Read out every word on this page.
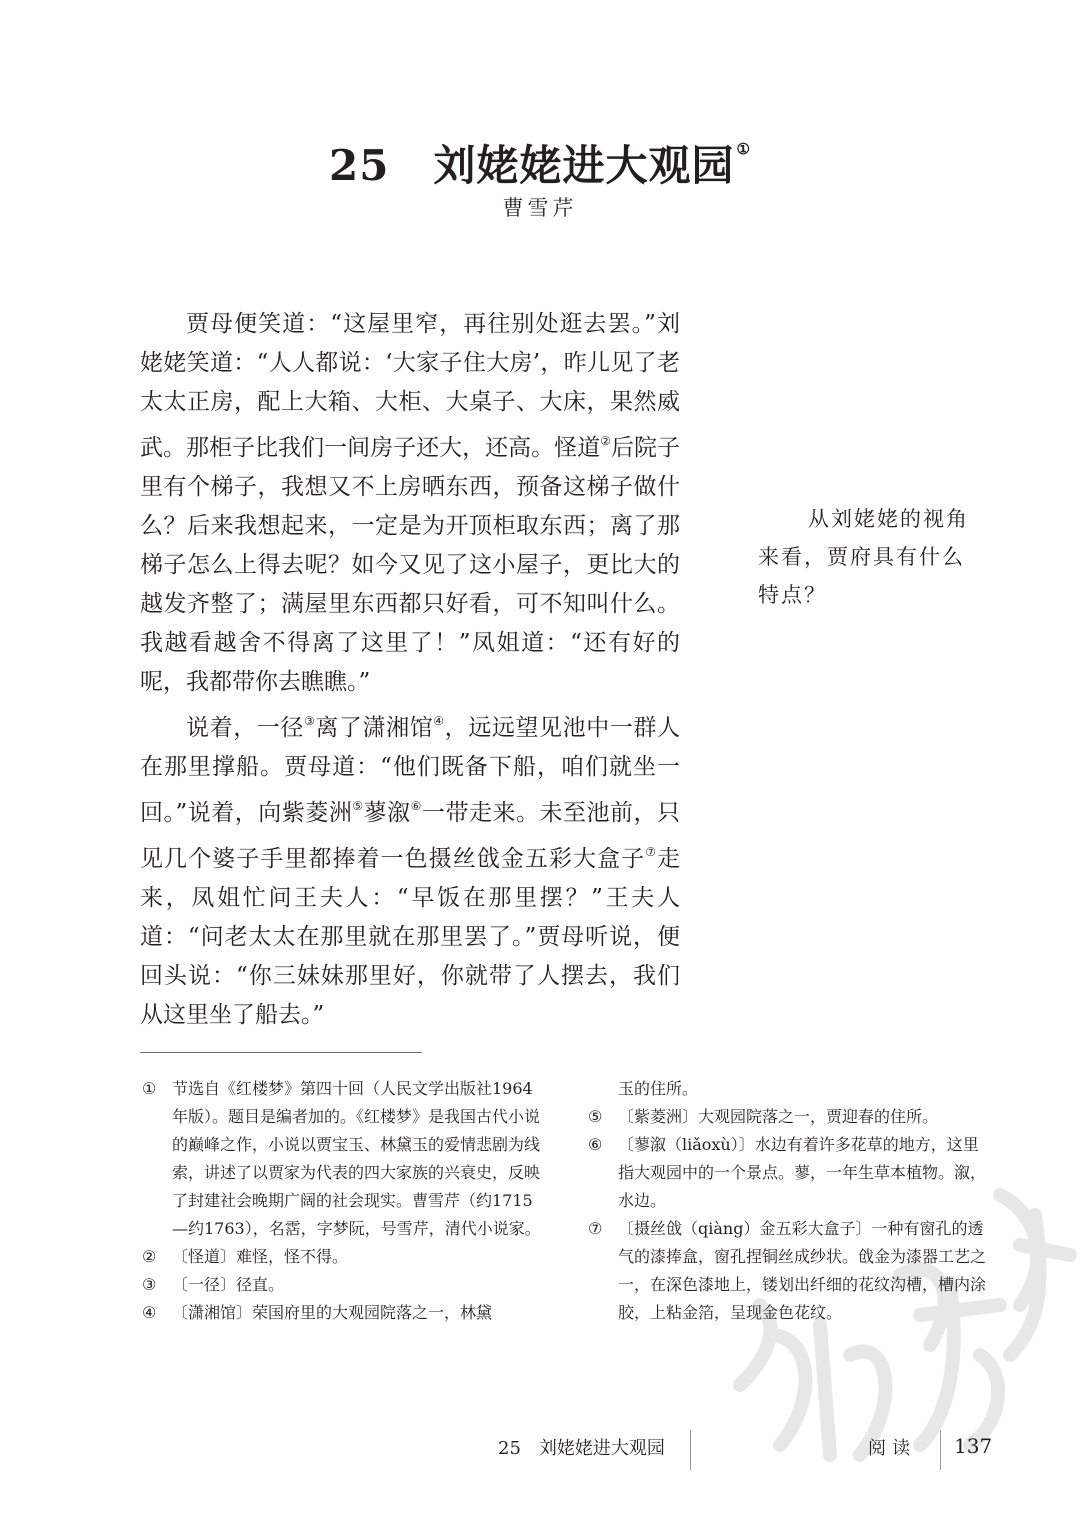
25 刘姥姥进大观园 ①
曹雪芹

贾母便笑道：“这屋里窄，再往别处逛去罢。”刘姥姥笑道：“人人都说：‘大家子住大房’，昨儿见了老太太正房，配上大箱、大柜、大桌子、大床，果然威武。那柜子比我们一间房子还大，还高。怪道②后院子里有个梯子，我想又不上房晒东西，预备这梯子做什么？后来我想起来，一定是为开顶柜取东西；离了那梯子怎么上得去呢？如今又见了这小屋子，更比大的越发齐整了；满屋里东西都只好看，可不知叫什么。我越看越舍不得离了这里了！”凤姐道：“还有好的呢，我都带你去瞧瞧。”

说着，一径③离了潇湘馆④，远远望见池中一群人在那里撑船。贾母道：“他们既备下船，咱们就坐一回。”说着，向紫菱洲⑤蓼溆⑥一带走来。未至池前，只见几个婆子手里都捧着一色摄丝戗金五彩大盒子⑦走来，凤姐忙问王夫人：“早饭在那里摆？”王夫人道：“问老太太在那里就在那里罢了。”贾母听说，便回头说：“你三妹妹那里好，你就带了人摆去，我们从这里坐了船去。”

从刘姥姥的视角
来看，贾府具有什么
特点？
① 节选自《红楼梦》第四十回（人民文学出版社1964年版）。题目是编者加的。《红楼梦》是我国古代小说的巅峰之作，小说以贾宝玉、林黛玉的爱情悲剧为线索，讲述了以贾家为代表的四大家族的兴衰史，反映了封建社会晚期广阔的社会现实。曹雪芹（约1715—约1763），名霑，字梦阮，号雪芹，清代小说家。
② 〔怪道〕难怪，怪不得。
③ 〔一径〕径直。
④ 〔潇湘馆〕荣国府里的大观园院落之一，林黛
玉的住所。
⑤ 〔紫菱洲〕大观园院落之一，贾迎春的住所。
⑥ 〔蓼溆（liǎoxù）〕水边有着许多花草的地方，这里指大观园中的一个景点。蓼，一年生草本植物。溆，水边。
⑦ 〔摄丝戗（qiàng）金五彩大盒子〕一种有窗孔的透气的漆捧盒，窗孔捏铜丝成纱状。戗金为漆器工艺之一，在深色漆地上，镂划出纤细的花纹沟槽，槽内涂胶，上粘金箔，呈现金色花纹。
25　刘姥姥进大观园	阅读 137
